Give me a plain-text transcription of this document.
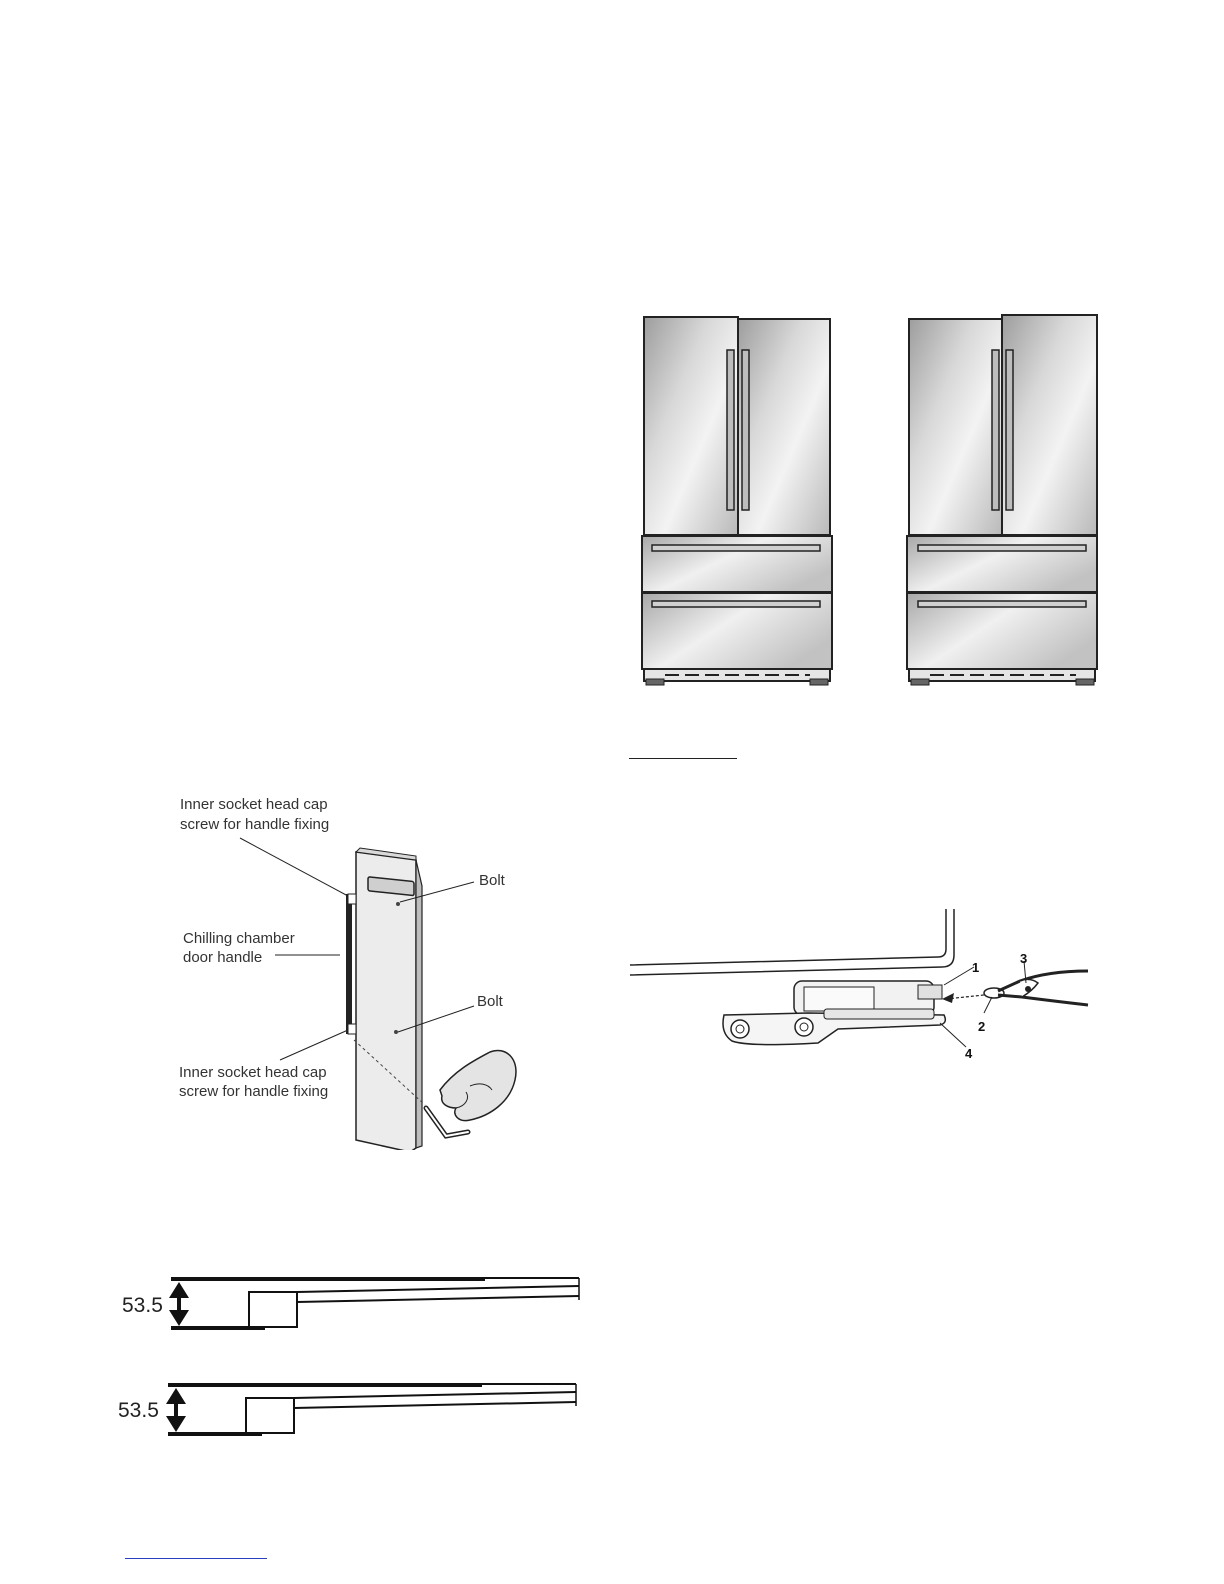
Inner socket head cap
screw for handle fixing
Bolt
Chilling chamber
door handle
Bolt
Inner socket head cap
screw for handle fixing
1
2
3
4
53.5
53.5
